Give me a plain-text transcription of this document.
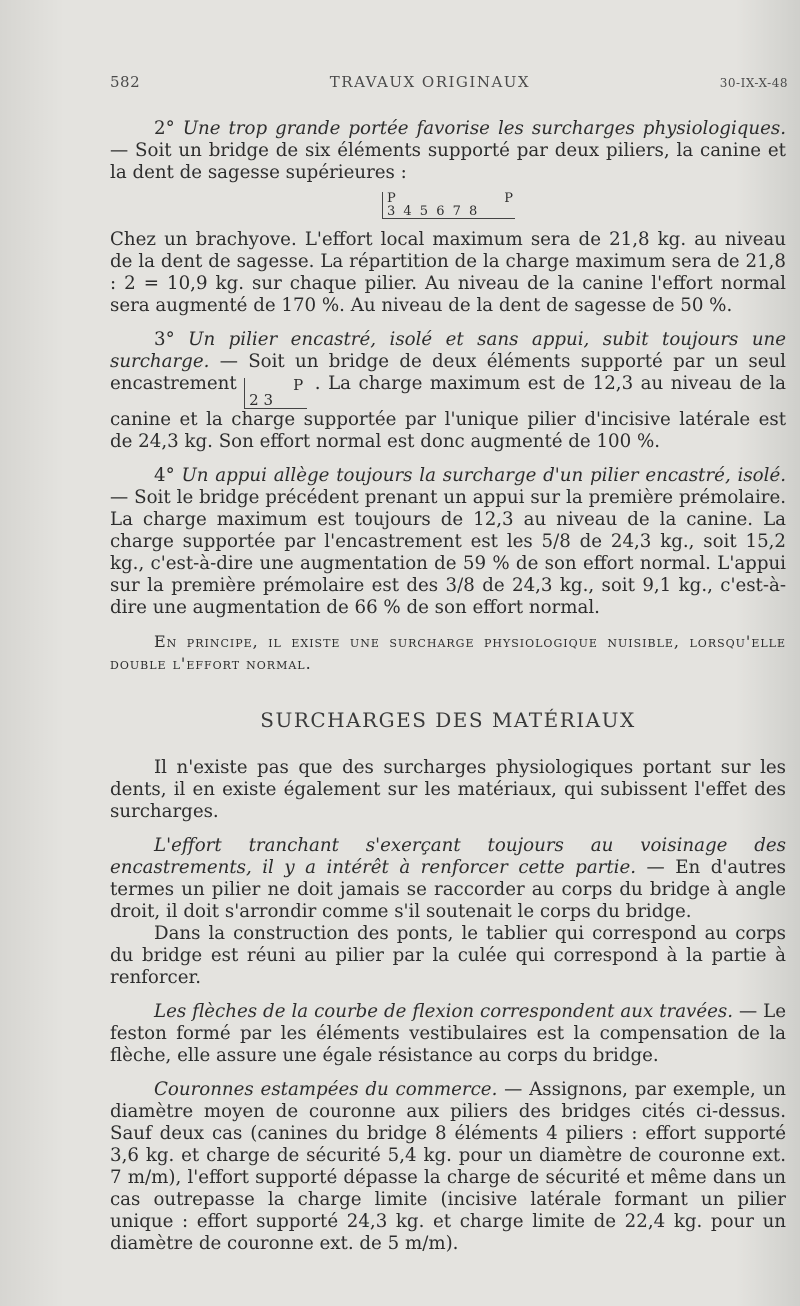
582	TRAVAUX ORIGINAUX	30-IX-X-48

2° Une trop grande portée favorise les surcharges physiologiques. — Soit un bridge de six éléments supporté par deux piliers, la canine et la dent de sagesse supérieures :

P	P
3 4 5 6 7 8

Chez un brachyove. L'effort local maximum sera de 21,8 kg. au niveau de la dent de sagesse. La répartition de la charge maximum sera de 21,8 : 2 = 10,9 kg. sur chaque pilier. Au niveau de la canine l'effort normal sera augmenté de 170 %. Au niveau de la dent de sagesse de 50 %.

3° Un pilier encastré, isolé et sans appui, subit toujours une surcharge. — Soit un bridge de deux éléments supporté par un seul encastrement	P
2 3 . La charge maximum est de 12,3 au niveau de la canine et la charge supportée par l'unique pilier d'incisive latérale est de 24,3 kg. Son effort normal est donc augmenté de 100 %.

4° Un appui allège toujours la surcharge d'un pilier encastré, isolé. — Soit le bridge précédent prenant un appui sur la première prémolaire. La charge maximum est toujours de 12,3 au niveau de la canine. La charge supportée par l'encastrement est les 5/8 de 24,3 kg., soit 15,2 kg., c'est-à-dire une augmentation de 59 % de son effort normal. L'appui sur la première prémolaire est des 3/8 de 24,3 kg., soit 9,1 kg., c'est-à-dire une augmentation de 66 % de son effort normal.

En principe, il existe une surcharge physiologique nuisible, lorsqu'elle double l'effort normal.

SURCHARGES DES MATÉRIAUX

Il n'existe pas que des surcharges physiologiques portant sur les dents, il en existe également sur les matériaux, qui subissent l'effet des surcharges.

L'effort tranchant s'exerçant toujours au voisinage des encastrements, il y a intérêt à renforcer cette partie. — En d'autres termes un pilier ne doit jamais se raccorder au corps du bridge à angle droit, il doit s'arrondir comme s'il soutenait le corps du bridge.

Dans la construction des ponts, le tablier qui correspond au corps du bridge est réuni au pilier par la culée qui correspond à la partie à renforcer.

Les flèches de la courbe de flexion correspondent aux travées. — Le feston formé par les éléments vestibulaires est la compensation de la flèche, elle assure une égale résistance au corps du bridge.

Couronnes estampées du commerce. — Assignons, par exemple, un diamètre moyen de couronne aux piliers des bridges cités ci-dessus. Sauf deux cas (canines du bridge 8 éléments 4 piliers : effort supporté 3,6 kg. et charge de sécurité 5,4 kg. pour un diamètre de couronne ext. 7 m/m), l'effort supporté dépasse la charge de sécurité et même dans un cas outrepasse la charge limite (incisive latérale formant un pilier unique : effort supporté 24,3 kg. et charge limite de 22,4 kg. pour un diamètre de couronne ext. de 5 m/m).
